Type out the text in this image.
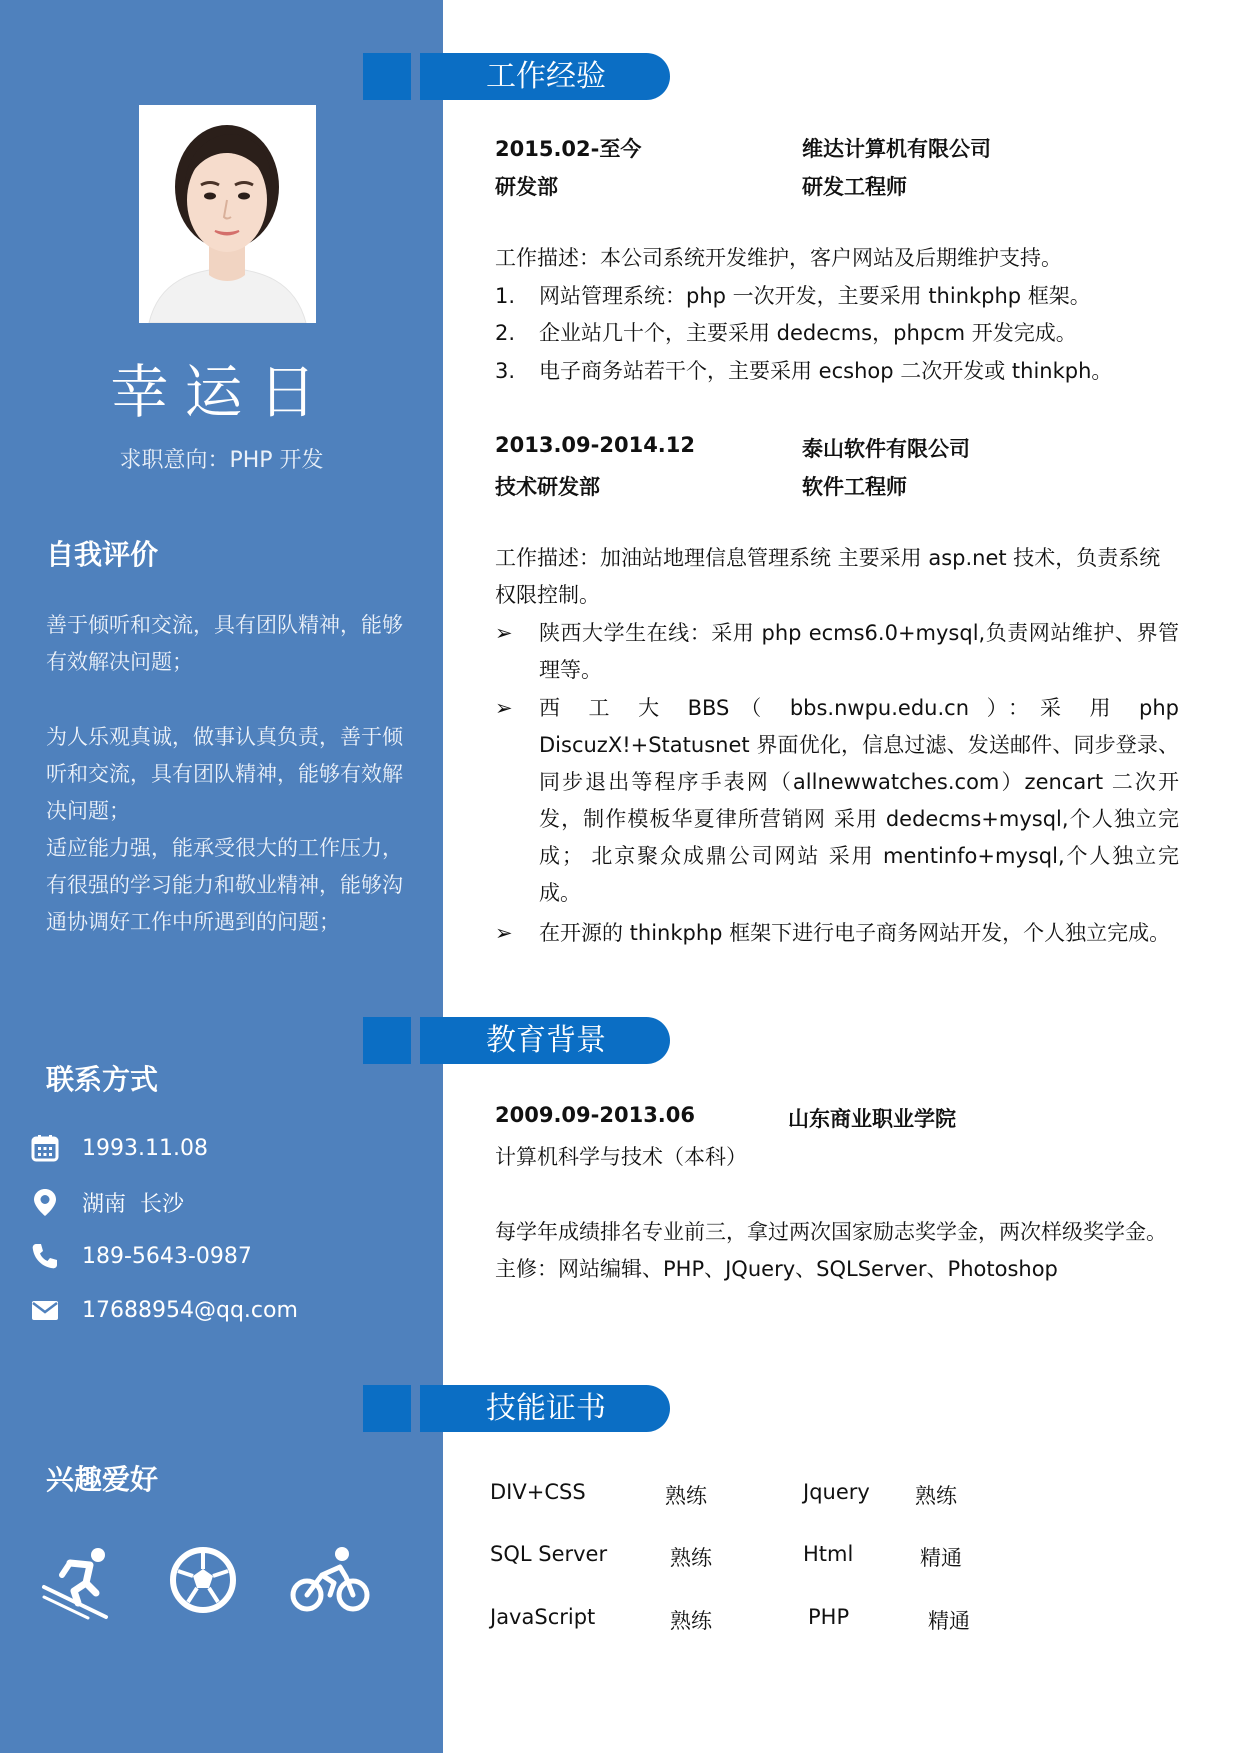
幸运日
求职意向：PHP 开发
自我评价

善于倾听和交流，具有团队精神，能够有效解决问题；

为人乐观真诚，做事认真负责，善于倾听和交流，具有团队精神，能够有效解决问题；

适应能力强，能承受很大的工作压力，有很强的学习能力和敬业精神，能够沟通协调好工作中所遇到的问题；

联系方式
1993.11.08
湖南  长沙
189-5643-0987
17688954@qq.com
兴趣爱好
工作经验
教育背景
技能证书
2015.02-至今	维达计算机有限公司
研发部	研发工程师
工作描述：本公司系统开发维护，客户网站及后期维护支持。
1.	网站管理系统：php 一次开发，主要采用 thinkphp 框架。
2.	企业站几十个，主要采用 dedecms，phpcm 开发完成。
3.	电子商务站若干个，主要采用 ecshop 二次开发或 thinkph。
2013.09-2014.12	泰山软件有限公司
技术研发部	软件工程师
工作描述：加油站地理信息管理系统 主要采用 asp.net 技术，负责系统权限控制。
➢	陕西大学生在线：采用 php ecms6.0+mysql,负责网站维护、界管理等。
➢	西 工 大 BBS（ bbs.nwpu.edu.cn ）：采 用 php DiscuzX!+Statusnet 界面优化，信息过滤、发送邮件、同步登录、同步退出等程序手表网（allnewwatches.com）zencart 二次开发，制作模板华夏律所营销网 采用 dedecms+mysql,个人独立完成； 北京聚众成鼎公司网站 采用 mentinfo+mysql,个人独立完成。
➢	在开源的 thinkphp 框架下进行电子商务网站开发，个人独立完成。
2009.09-2013.06	山东商业职业学院
计算机科学与技术（本科）
每学年成绩排名专业前三，拿过两次国家励志奖学金，两次样级奖学金。
主修：网站编辑、PHP、JQuery、SQLServer、Photoshop
DIV+CSS	熟练	Jquery 熟练
SQL Server	熟练	Html	精通
JavaScript	熟练	PHP	精通
